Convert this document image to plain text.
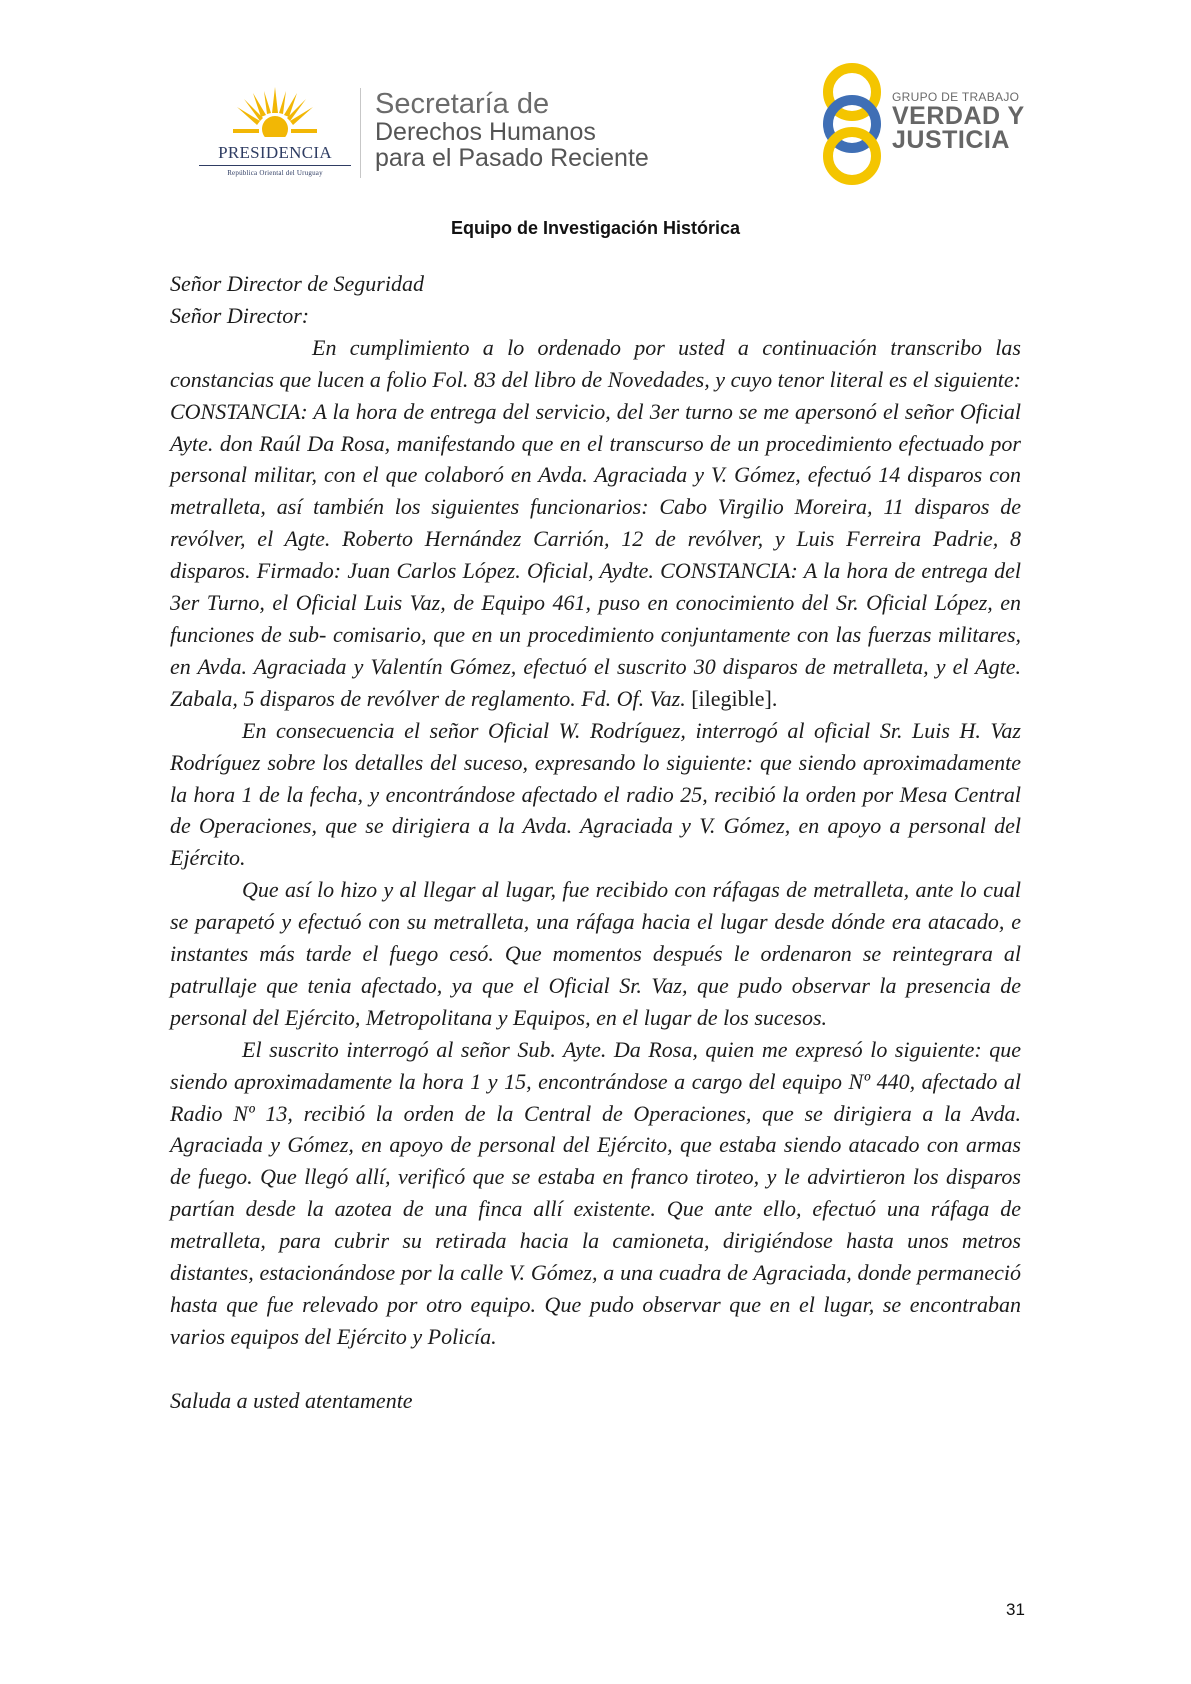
PRESIDENCIA
República Oriental del Uruguay
Secretaría de
Derechos Humanos
para el Pasado Reciente
GRUPO DE TRABAJO
VERDAD Y
JUSTICIA
Equipo de Investigación Histórica

Señor Director de Seguridad

Señor Director:

En cumplimiento a lo ordenado por usted a continuación transcribo las constancias que lucen a folio Fol. 83 del libro de Novedades, y cuyo tenor literal es el siguiente: CONSTANCIA: A la hora de entrega del servicio, del 3er turno se me apersonó el señor Oficial Ayte. don Raúl Da Rosa, manifestando que en el transcurso de un procedimiento efectuado por personal militar, con el que colaboró en Avda. Agraciada y V. Gómez, efectuó 14 disparos con metralleta, así también los siguientes funcionarios: Cabo Virgilio Moreira, 11 disparos de revólver, el Agte. Roberto Hernández Carrión, 12 de revólver, y Luis Ferreira Padrie, 8 disparos. Firmado: Juan Carlos López. Oficial, Aydte. CONSTANCIA: A la hora de entrega del 3er Turno, el Oficial Luis Vaz, de Equipo 461, puso en conocimiento del Sr. Oficial López, en funciones de sub- comisario, que en un procedimiento conjuntamente con las fuerzas militares, en Avda. Agraciada y Valentín Gómez, efectuó el suscrito 30 disparos de metralleta, y el Agte. Zabala, 5 disparos de revólver de reglamento. Fd. Of. Vaz. [ilegible].

En consecuencia el señor Oficial W. Rodríguez, interrogó al oficial Sr. Luis H. Vaz Rodríguez sobre los detalles del suceso, expresando lo siguiente: que siendo aproximadamente la hora 1 de la fecha, y encontrándose afectado el radio 25, recibió la orden por Mesa Central de Operaciones, que se dirigiera a la Avda. Agraciada y V. Gómez, en apoyo a personal del Ejército.

Que así lo hizo y al llegar al lugar, fue recibido con ráfagas de metralleta, ante lo cual se parapetó y efectuó con su metralleta, una ráfaga hacia el lugar desde dónde era atacado, e instantes más tarde el fuego cesó. Que momentos después le ordenaron se reintegrara al patrullaje que tenia afectado, ya que el Oficial Sr. Vaz, que pudo observar la presencia de personal del Ejército, Metropolitana y Equipos, en el lugar de los sucesos.

El suscrito interrogó al señor Sub. Ayte. Da Rosa, quien me expresó lo siguiente: que siendo aproximadamente la hora 1 y 15, encontrándose a cargo del equipo Nº 440, afectado al Radio Nº 13, recibió la orden de la Central de Operaciones, que se dirigiera a la Avda. Agraciada y Gómez, en apoyo de personal del Ejército, que estaba siendo atacado con armas de fuego. Que llegó allí, verificó que se estaba en franco tiroteo, y le advirtieron los disparos partían desde la azotea de una finca allí existente. Que ante ello, efectuó una ráfaga de metralleta, para cubrir su retirada hacia la camioneta, dirigiéndose hasta unos metros distantes, estacionándose por la calle V. Gómez, a una cuadra de Agraciada, donde permaneció hasta que fue relevado por otro equipo. Que pudo observar que en el lugar, se encontraban varios equipos del Ejército y Policía.

Saluda a usted atentamente

31
